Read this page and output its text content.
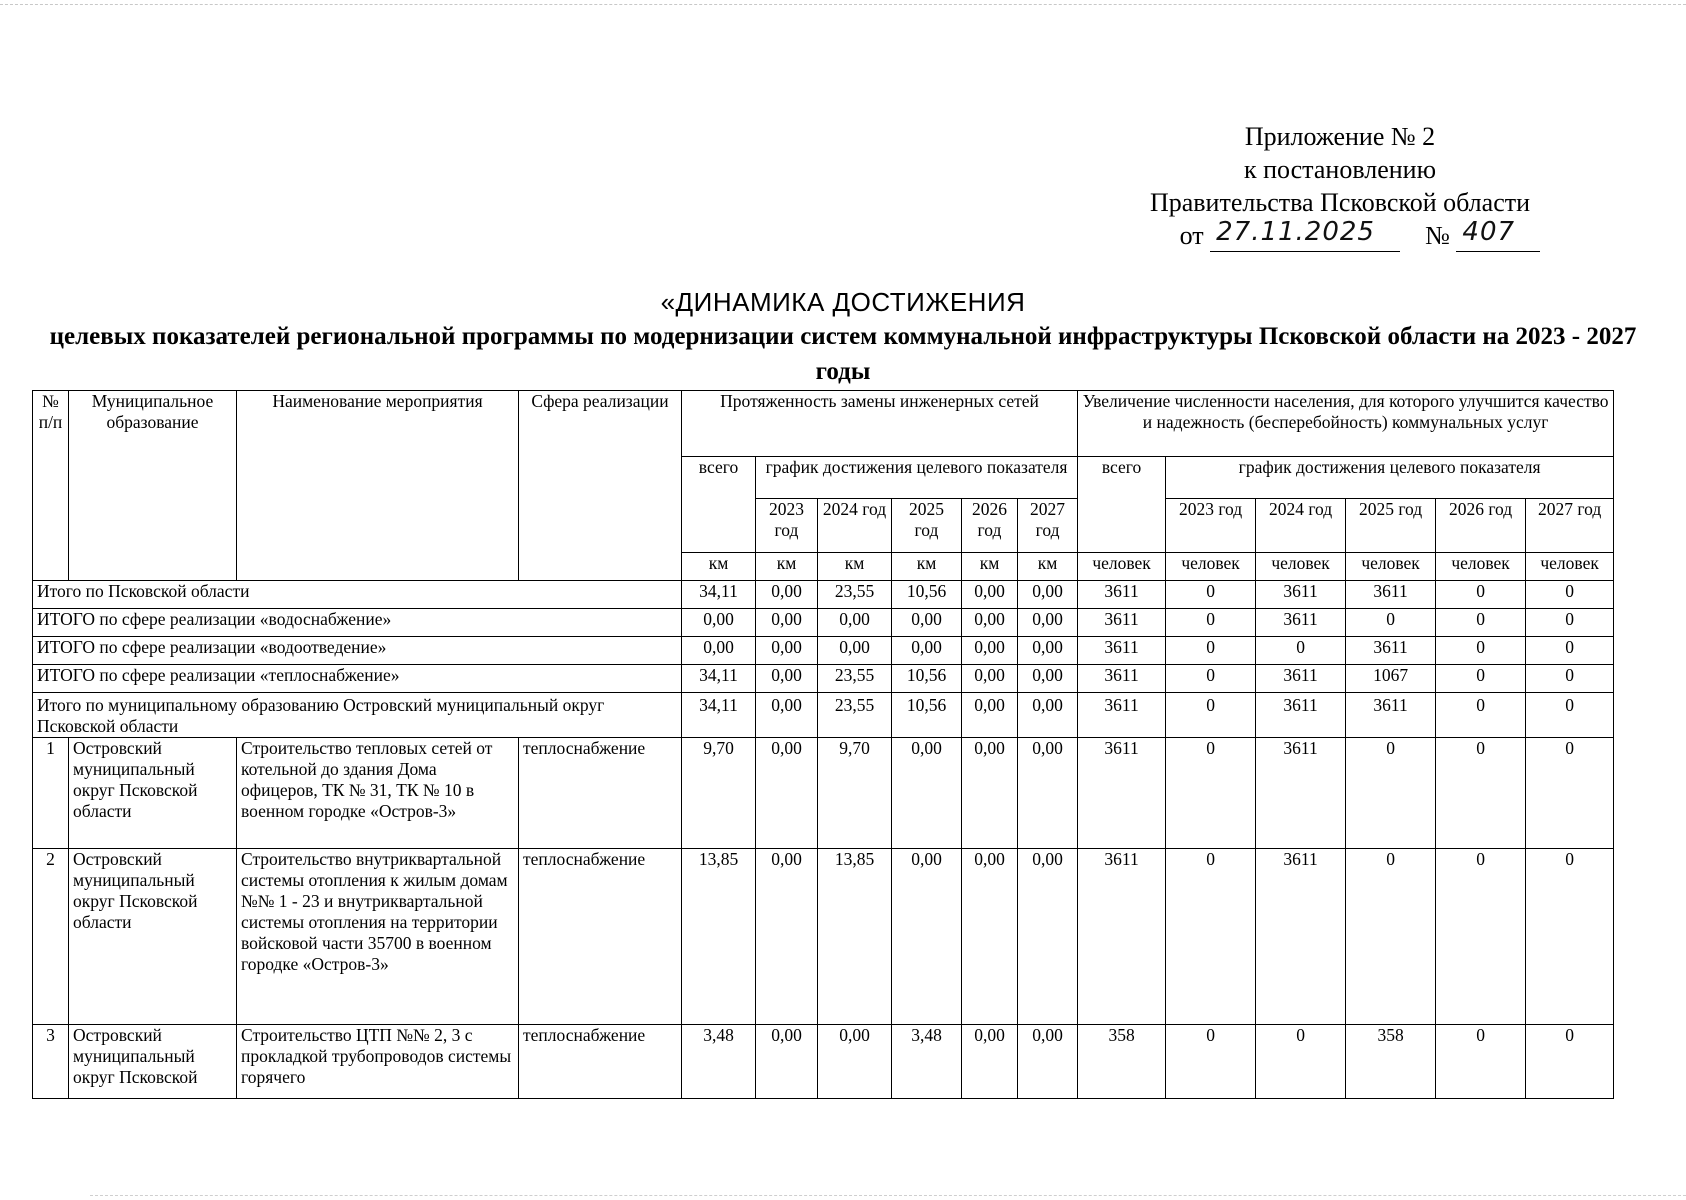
Приложение № 2
к постановлению
Правительства Псковской области
от 27.11.2025 № 407
«ДИНАМИКА ДОСТИЖЕНИЯ
целевых показателей региональной программы по модернизации систем коммунальной инфраструктуры Псковской области на 2023 - 2027 годы
№ п/п	Муниципальное образование	Наименование мероприятия	Сфера реализации	Протяженность замены инженерных сетей						Увеличение численности населения, для которого улучшится качество и надежность (бесперебойность) коммунальных услуг					
				всего	график достижения целевого показателя					всего	график достижения целевого показателя				
					2023 год	2024 год	2025 год	2026 год	2027 год		2023 год	2024 год	2025 год	2026 год	2027 год
				км	км	км	км	км	км	человек	человек	человек	человек	человек	человек
Итого по Псковской области				34,11	0,00	23,55	10,56	0,00	0,00	3611	0	3611	3611	0	0
ИТОГО по сфере реализации «водоснабжение»				0,00	0,00	0,00	0,00	0,00	0,00	3611	0	3611	0	0	0
ИТОГО по сфере реализации «водоотведение»				0,00	0,00	0,00	0,00	0,00	0,00	3611	0	0	3611	0	0
ИТОГО по сфере реализации «теплоснабжение»				34,11	0,00	23,55	10,56	0,00	0,00	3611	0	3611	1067	0	0
Итого по муниципальному образованию Островский муниципальный округ Псковской области				34,11	0,00	23,55	10,56	0,00	0,00	3611	0	3611	3611	0	0
1	Островский муниципальный округ Псковской области	Строительство тепловых сетей от котельной до здания Дома офицеров, ТК № 31, ТК № 10 в военном городке «Остров-3»	теплоснабжение	9,70	0,00	9,70	0,00	0,00	0,00	3611	0	3611	0	0	0
2	Островский муниципальный округ Псковской области	Строительство внутриквартальной системы отопления к жилым домам №№ 1 - 23 и внутриквартальной системы отопления на территории войсковой части 35700 в военном городке «Остров-3»	теплоснабжение	13,85	0,00	13,85	0,00	0,00	0,00	3611	0	3611	0	0	0
3	Островский муниципальный округ Псковской	Строительство ЦТП №№ 2, 3 с прокладкой трубопроводов системы горячего	теплоснабжение	3,48	0,00	0,00	3,48	0,00	0,00	358	0	0	358	0	0
